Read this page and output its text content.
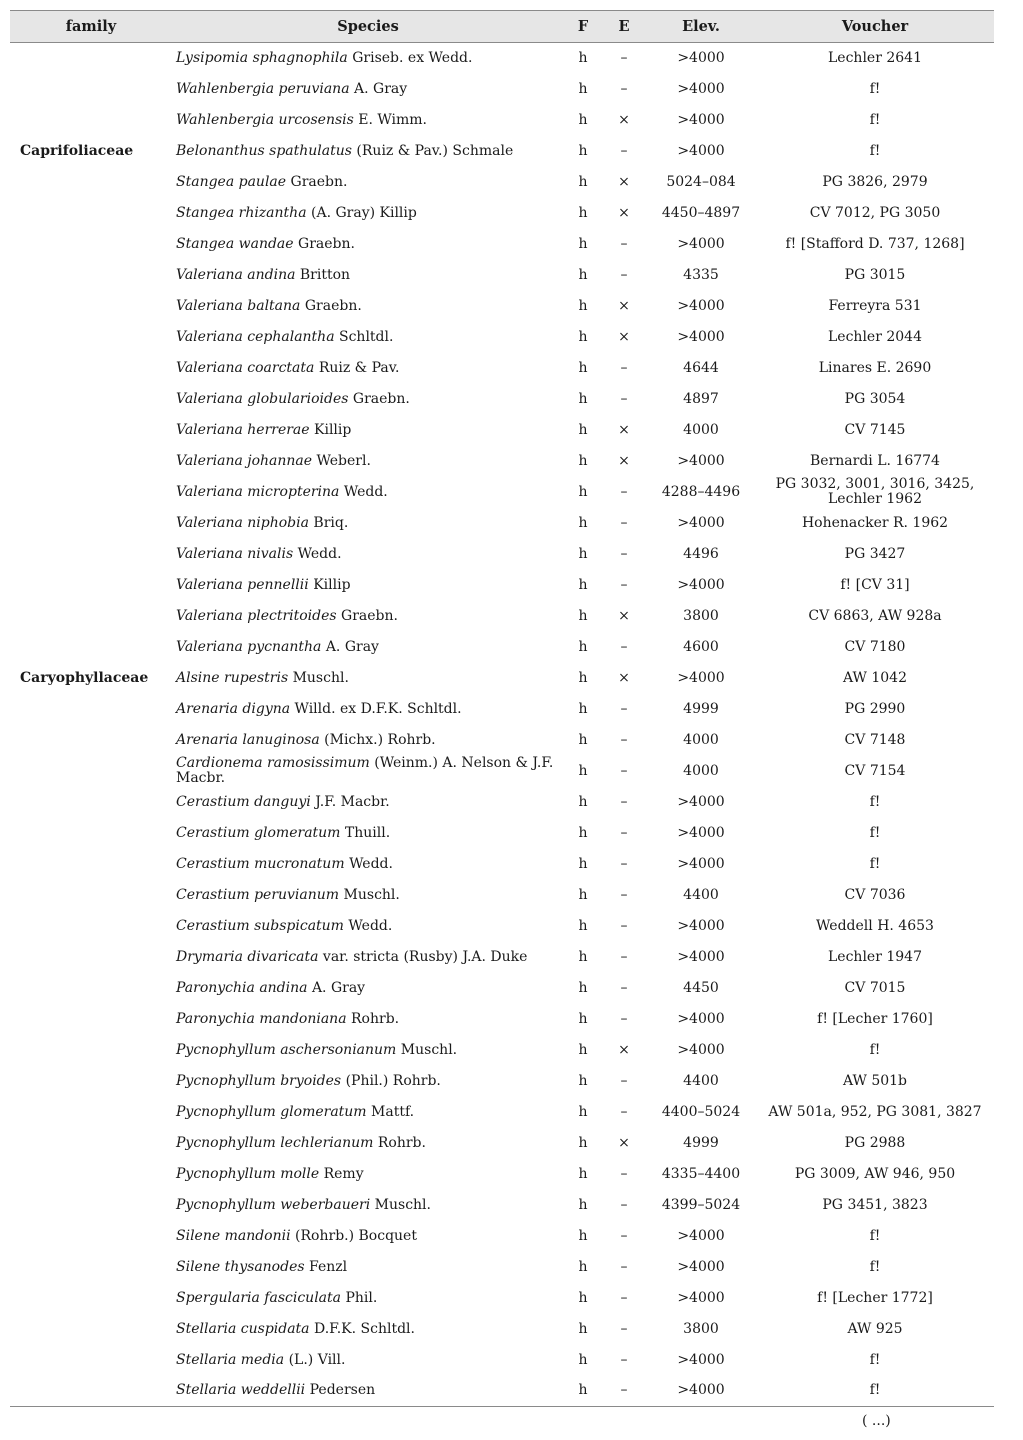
family	Species	F	E	Elev.	Voucher
	Lysipomia sphagnophila Griseb. ex Wedd.	h	–	>4000	Lechler 2641
	Wahlenbergia peruviana A. Gray	h	–	>4000	f!
	Wahlenbergia urcosensis E. Wimm.	h	×	>4000	f!
Caprifoliaceae	Belonanthus spathulatus (Ruiz & Pav.) Schmale	h	–	>4000	f!
	Stangea paulae Graebn.	h	×	5024–084	PG 3826, 2979
	Stangea rhizantha (A. Gray) Killip	h	×	4450–4897	CV 7012, PG 3050
	Stangea wandae Graebn.	h	–	>4000	f! [Stafford D. 737, 1268]
	Valeriana andina Britton	h	–	4335	PG 3015
	Valeriana baltana Graebn.	h	×	>4000	Ferreyra 531
	Valeriana cephalantha Schltdl.	h	×	>4000	Lechler 2044
	Valeriana coarctata Ruiz & Pav.	h	–	4644	Linares E. 2690
	Valeriana globularioides Graebn.	h	–	4897	PG 3054
	Valeriana herrerae Killip	h	×	4000	CV 7145
	Valeriana johannae Weberl.	h	×	>4000	Bernardi L. 16774
	Valeriana micropterina Wedd.	h	–	4288–4496	PG 3032, 3001, 3016, 3425, Lechler 1962
	Valeriana niphobia Briq.	h	–	>4000	Hohenacker R. 1962
	Valeriana nivalis Wedd.	h	–	4496	PG 3427
	Valeriana pennellii Killip	h	–	>4000	f! [CV 31]
	Valeriana plectritoides Graebn.	h	×	3800	CV 6863, AW 928a
	Valeriana pycnantha A. Gray	h	–	4600	CV 7180
Caryophyllaceae	Alsine rupestris Muschl.	h	×	>4000	AW 1042
	Arenaria digyna Willd. ex D.F.K. Schltdl.	h	–	4999	PG 2990
	Arenaria lanuginosa (Michx.) Rohrb.	h	–	4000	CV 7148
	Cardionema ramosissimum (Weinm.) A. Nelson & J.F. Macbr.	h	–	4000	CV 7154
	Cerastium danguyi J.F. Macbr.	h	–	>4000	f!
	Cerastium glomeratum Thuill.	h	–	>4000	f!
	Cerastium mucronatum Wedd.	h	–	>4000	f!
	Cerastium peruvianum Muschl.	h	–	4400	CV 7036
	Cerastium subspicatum Wedd.	h	–	>4000	Weddell H. 4653
	Drymaria divaricata var. stricta (Rusby) J.A. Duke	h	–	>4000	Lechler 1947
	Paronychia andina A. Gray	h	–	4450	CV 7015
	Paronychia mandoniana Rohrb.	h	–	>4000	f! [Lecher 1760]
	Pycnophyllum aschersonianum Muschl.	h	×	>4000	f!
	Pycnophyllum bryoides (Phil.) Rohrb.	h	–	4400	AW 501b
	Pycnophyllum glomeratum Mattf.	h	–	4400–5024	AW 501a, 952, PG 3081, 3827
	Pycnophyllum lechlerianum Rohrb.	h	×	4999	PG 2988
	Pycnophyllum molle Remy	h	–	4335–4400	PG 3009, AW 946, 950
	Pycnophyllum weberbaueri Muschl.	h	–	4399–5024	PG 3451, 3823
	Silene mandonii (Rohrb.) Bocquet	h	–	>4000	f!
	Silene thysanodes Fenzl	h	–	>4000	f!
	Spergularia fasciculata Phil.	h	–	>4000	f! [Lecher 1772]
	Stellaria cuspidata D.F.K. Schltdl.	h	–	3800	AW 925
	Stellaria media (L.) Vill.	h	–	>4000	f!
	Stellaria weddellii Pedersen	h	–	>4000	f!
( ...)
